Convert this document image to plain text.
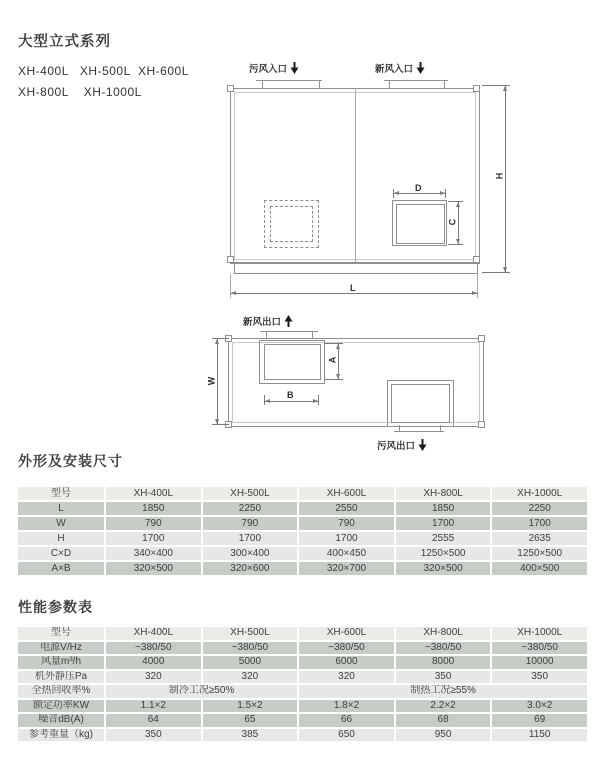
大型立式系列
XH-400L   XH-500L  XH-600L
XH-800L    XH-1000L
污风入口	新风入口
D
C
H
L
新风出口
W
A
B
污风出口
外形及安装尺寸
型号	XH-400L	XH-500L	XH-600L	XH-800L	XH-1000L
L	1850	2250	2550	1850	2250
W	790	790	790	1700	1700
H	1700	1700	1700	2555	2635
C×D	340×400	300×400	400×450	1250×500	1250×500
A×B	320×500	320×600	320×700	320×500	400×500
性能参数表
型号	XH-400L	XH-500L	XH-600L	XH-800L	XH-1000L
电源V/Hz	~380/50	~380/50	~380/50	~380/50	~380/50
风量m³/h	4000	5000	6000	8000	10000
机外静压Pa	320	320	320	350	350
全热回收率%	制冷工况≥50%		制热工况≥55%		
额定功率KW	1.1×2	1.5×2	1.8×2	2.2×2	3.0×2
噪音dB(A)	64	65	66	68	69
参考重量（kg)	350	385	650	950	1150
